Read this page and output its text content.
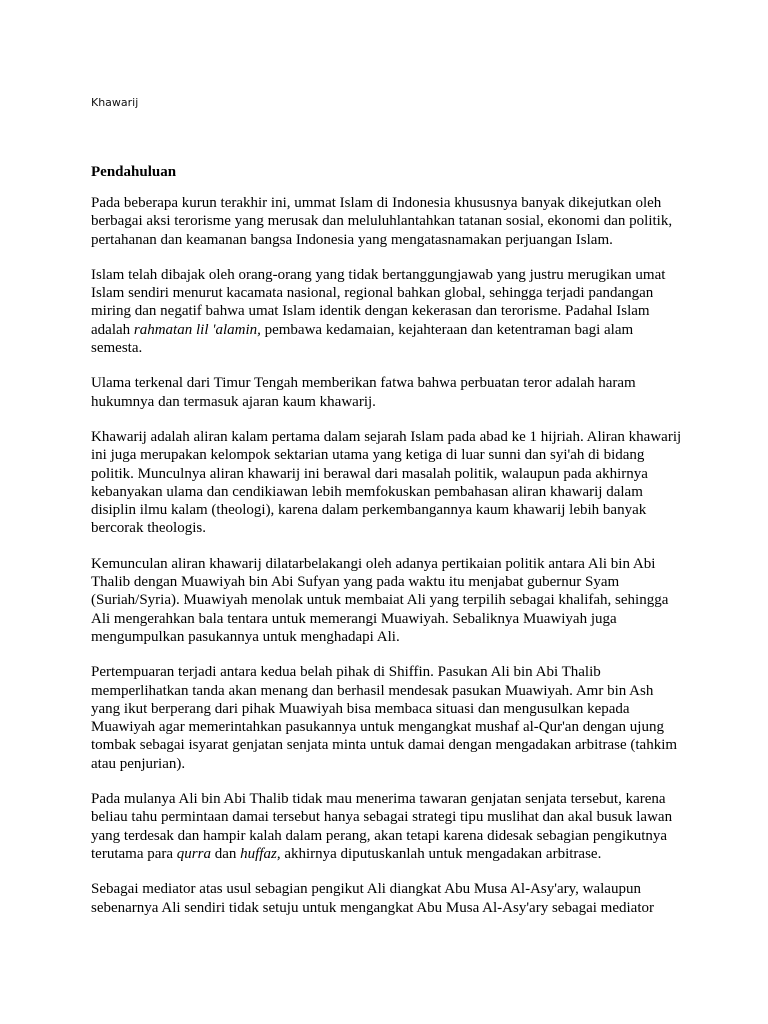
Khawarij
Pendahuluan

Pada beberapa kurun terakhir ini, ummat Islam di Indonesia khususnya banyak dikejutkan oleh berbagai aksi terorisme yang merusak dan meluluhlantahkan tatanan sosial, ekonomi dan politik, pertahanan dan keamanan bangsa Indonesia yang mengatasnamakan perjuangan Islam.

Islam telah dibajak oleh orang-orang yang tidak bertanggungjawab yang justru merugikan umat Islam sendiri menurut kacamata nasional, regional bahkan global, sehingga terjadi pandangan miring dan negatif bahwa umat Islam identik dengan kekerasan dan terorisme. Padahal Islam adalah rahmatan lil 'alamin, pembawa kedamaian, kejahteraan dan ketentraman bagi alam semesta.

Ulama terkenal dari Timur Tengah memberikan fatwa bahwa perbuatan teror adalah haram hukumnya dan termasuk ajaran kaum khawarij.

Khawarij adalah aliran kalam pertama dalam sejarah Islam pada abad ke 1 hijriah. Aliran khawarij ini juga merupakan kelompok sektarian utama yang ketiga di luar sunni dan syi'ah di bidang politik. Munculnya aliran khawarij ini berawal dari masalah politik, walaupun pada akhirnya kebanyakan ulama dan cendikiawan lebih memfokuskan pembahasan aliran khawarij dalam disiplin ilmu kalam (theologi), karena dalam perkembangannya kaum khawarij lebih banyak bercorak theologis.

Kemunculan aliran khawarij dilatarbelakangi oleh adanya pertikaian politik antara Ali bin Abi Thalib dengan Muawiyah bin Abi Sufyan yang pada waktu itu menjabat gubernur Syam (Suriah/Syria). Muawiyah menolak untuk membaiat Ali yang terpilih sebagai khalifah, sehingga Ali mengerahkan bala tentara untuk memerangi Muawiyah. Sebaliknya Muawiyah juga mengumpulkan pasukannya untuk menghadapi Ali.

Pertempuaran terjadi antara kedua belah pihak di Shiffin. Pasukan Ali bin Abi Thalib memperlihatkan tanda akan menang dan berhasil mendesak pasukan Muawiyah. Amr bin Ash yang ikut berperang dari pihak Muawiyah bisa membaca situasi dan mengusulkan kepada Muawiyah agar memerintahkan pasukannya untuk mengangkat mushaf al-Qur'an dengan ujung tombak sebagai isyarat genjatan senjata minta untuk damai dengan mengadakan arbitrase (tahkim atau penjurian).

Pada mulanya Ali bin Abi Thalib tidak mau menerima tawaran genjatan senjata tersebut, karena beliau tahu permintaan damai tersebut hanya sebagai strategi tipu muslihat dan akal busuk lawan yang terdesak dan hampir kalah dalam perang, akan tetapi karena didesak sebagian pengikutnya terutama para qurra dan huffaz, akhirnya diputuskanlah untuk mengadakan arbitrase.

Sebagai mediator atas usul sebagian pengikut Ali diangkat Abu Musa Al-Asy'ary, walaupun sebenarnya Ali sendiri tidak setuju untuk mengangkat Abu Musa Al-Asy'ary sebagai mediator
